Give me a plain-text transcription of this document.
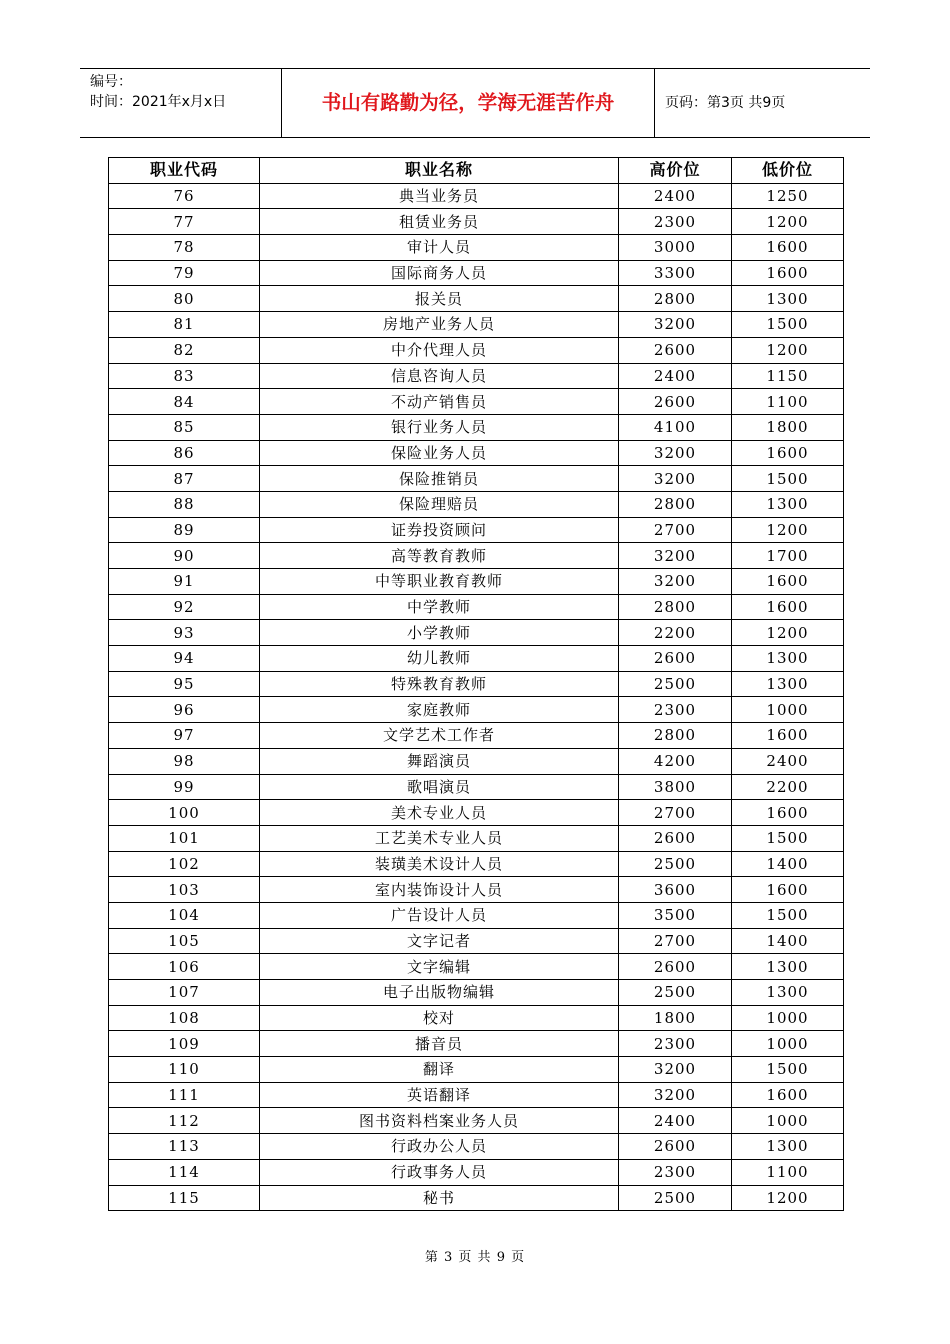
编号：
时间：2021年x月x日	书山有路勤为径，学海无涯苦作舟	页码：第3页 共9页
职业代码	职业名称	高价位	低价位
76	典当业务员	2400	1250
77	租赁业务员	2300	1200
78	审计人员	3000	1600
79	国际商务人员	3300	1600
80	报关员	2800	1300
81	房地产业务人员	3200	1500
82	中介代理人员	2600	1200
83	信息咨询人员	2400	1150
84	不动产销售员	2600	1100
85	银行业务人员	4100	1800
86	保险业务人员	3200	1600
87	保险推销员	3200	1500
88	保险理赔员	2800	1300
89	证券投资顾问	2700	1200
90	高等教育教师	3200	1700
91	中等职业教育教师	3200	1600
92	中学教师	2800	1600
93	小学教师	2200	1200
94	幼儿教师	2600	1300
95	特殊教育教师	2500	1300
96	家庭教师	2300	1000
97	文学艺术工作者	2800	1600
98	舞蹈演员	4200	2400
99	歌唱演员	3800	2200
100	美术专业人员	2700	1600
101	工艺美术专业人员	2600	1500
102	装璜美术设计人员	2500	1400
103	室内装饰设计人员	3600	1600
104	广告设计人员	3500	1500
105	文字记者	2700	1400
106	文字编辑	2600	1300
107	电子出版物编辑	2500	1300
108	校对	1800	1000
109	播音员	2300	1000
110	翻译	3200	1500
111	英语翻译	3200	1600
112	图书资料档案业务人员	2400	1000
113	行政办公人员	2600	1300
114	行政事务人员	2300	1100
115	秘书	2500	1200
第 3 页 共 9 页
